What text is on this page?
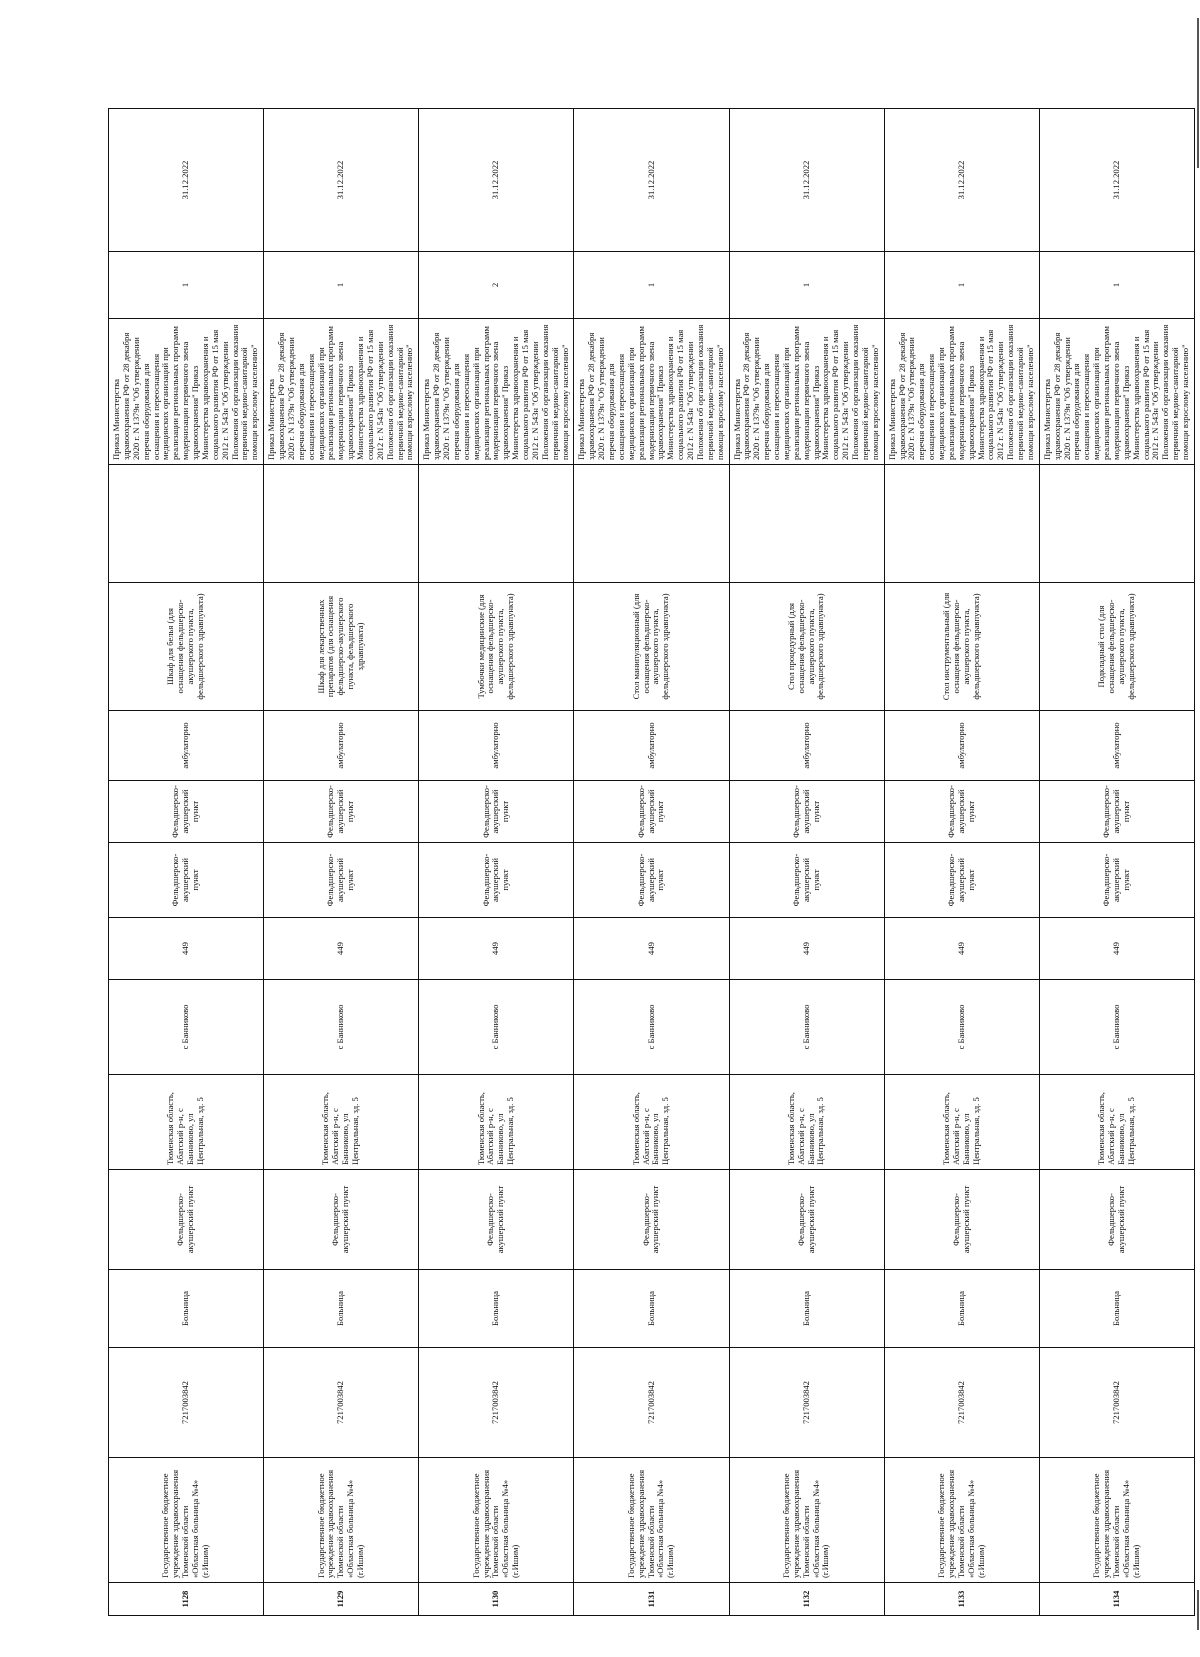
1128	Государственное бюджетное учреждение здравоохранения Тюменской области «Областная больница №4» (г.Ишим)	7217003842	Больница	Фельдшерско-акушерский пункт	Тюменская область, Абатский р-н, с Банниково, ул Центральная, зд. 5	с Банниково	449	Фельдшерско-акушерский пункт	Фельдшерско-акушерский пункт	амбулаторно	Шкаф для белья (для оснащения фельдшерско-акушерского пункта, фельдшерского здравпункта)		Приказ Министерства здравоохранения РФ от 28 декабря 2020 г. N 1379н "Об утверждении перечня оборудования для оснащения и переоснащения медицинских организаций при реализации региональных программ модернизации первичного звена здравоохранения" Приказ Министерства здравоохранения и социального развития РФ от 15 мая 2012 г. N 543н "Об утверждении Положения об организации оказания первичной медико-санитарной помощи взрослому населению"	1	31.12.2022
1129	Государственное бюджетное учреждение здравоохранения Тюменской области «Областная больница №4» (г.Ишим)	7217003842	Больница	Фельдшерско-акушерский пункт	Тюменская область, Абатский р-н, с Банниково, ул Центральная, зд. 5	с Банниково	449	Фельдшерско-акушерский пункт	Фельдшерско-акушерский пункт	амбулаторно	Шкаф для лекарственных препаратов (для оснащения фельдшерско-акушерского пункта, фельдшерского здравпункта)		Приказ Министерства здравоохранения РФ от 28 декабря 2020 г. N 1379н "Об утверждении перечня оборудования для оснащения и переоснащения медицинских организаций при реализации региональных программ модернизации первичного звена здравоохранения" Приказ Министерства здравоохранения и социального развития РФ от 15 мая 2012 г. N 543н "Об утверждении Положения об организации оказания первичной медико-санитарной помощи взрослому населению"	1	31.12.2022
1130	Государственное бюджетное учреждение здравоохранения Тюменской области «Областная больница №4» (г.Ишим)	7217003842	Больница	Фельдшерско-акушерский пункт	Тюменская область, Абатский р-н, с Банниково, ул Центральная, зд. 5	с Банниково	449	Фельдшерско-акушерский пункт	Фельдшерско-акушерский пункт	амбулаторно	Тумбочки медицинские (для оснащения фельдшерско-акушерского пункта, фельдшерского здравпункта)		Приказ Министерства здравоохранения РФ от 28 декабря 2020 г. N 1379н "Об утверждении перечня оборудования для оснащения и переоснащения медицинских организаций при реализации региональных программ модернизации первичного звена здравоохранения" Приказ Министерства здравоохранения и социального развития РФ от 15 мая 2012 г. N 543н "Об утверждении Положения об организации оказания первичной медико-санитарной помощи взрослому населению"	2	31.12.2022
1131	Государственное бюджетное учреждение здравоохранения Тюменской области «Областная больница №4» (г.Ишим)	7217003842	Больница	Фельдшерско-акушерский пункт	Тюменская область, Абатский р-н, с Банниково, ул Центральная, зд. 5	с Банниково	449	Фельдшерско-акушерский пункт	Фельдшерско-акушерский пункт	амбулаторно	Стол манипуляционный (для оснащения фельдшерско-акушерского пункта, фельдшерского здравпункта)		Приказ Министерства здравоохранения РФ от 28 декабря 2020 г. N 1379н "Об утверждении перечня оборудования для оснащения и переоснащения медицинских организаций при реализации региональных программ модернизации первичного звена здравоохранения" Приказ Министерства здравоохранения и социального развития РФ от 15 мая 2012 г. N 543н "Об утверждении Положения об организации оказания первичной медико-санитарной помощи взрослому населению"	1	31.12.2022
1132	Государственное бюджетное учреждение здравоохранения Тюменской области «Областная больница №4» (г.Ишим)	7217003842	Больница	Фельдшерско-акушерский пункт	Тюменская область, Абатский р-н, с Банниково, ул Центральная, зд. 5	с Банниково	449	Фельдшерско-акушерский пункт	Фельдшерско-акушерский пункт	амбулаторно	Стол процедурный (для оснащения фельдшерско-акушерского пункта, фельдшерского здравпункта)		Приказ Министерства здравоохранения РФ от 28 декабря 2020 г. N 1379н "Об утверждении перечня оборудования для оснащения и переоснащения медицинских организаций при реализации региональных программ модернизации первичного звена здравоохранения" Приказ Министерства здравоохранения и социального развития РФ от 15 мая 2012 г. N 543н "Об утверждении Положения об организации оказания первичной медико-санитарной помощи взрослому населению"	1	31.12.2022
1133	Государственное бюджетное учреждение здравоохранения Тюменской области «Областная больница №4» (г.Ишим)	7217003842	Больница	Фельдшерско-акушерский пункт	Тюменская область, Абатский р-н, с Банниково, ул Центральная, зд. 5	с Банниково	449	Фельдшерско-акушерский пункт	Фельдшерско-акушерский пункт	амбулаторно	Стол инструментальный (для оснащения фельдшерско-акушерского пункта, фельдшерского здравпункта)		Приказ Министерства здравоохранения РФ от 28 декабря 2020 г. N 1379н "Об утверждении перечня оборудования для оснащения и переоснащения медицинских организаций при реализации региональных программ модернизации первичного звена здравоохранения" Приказ Министерства здравоохранения и социального развития РФ от 15 мая 2012 г. N 543н "Об утверждении Положения об организации оказания первичной медико-санитарной помощи взрослому населению"	1	31.12.2022
1134	Государственное бюджетное учреждение здравоохранения Тюменской области «Областная больница №4» (г.Ишим)	7217003842	Больница	Фельдшерско-акушерский пункт	Тюменская область, Абатский р-н, с Банниково, ул Центральная, зд. 5	с Банниково	449	Фельдшерско-акушерский пункт	Фельдшерско-акушерский пункт	амбулаторно	Подкладный стол (для оснащения фельдшерско-акушерского пункта, фельдшерского здравпункта)		Приказ Министерства здравоохранения РФ от 28 декабря 2020 г. N 1379н "Об утверждении перечня оборудования для оснащения и переоснащения медицинских организаций при реализации региональных программ модернизации первичного звена здравоохранения" Приказ Министерства здравоохранения и социального развития РФ от 15 мая 2012 г. N 543н "Об утверждении Положения об организации оказания первичной медико-санитарной помощи взрослому населению"	1	31.12.2022
